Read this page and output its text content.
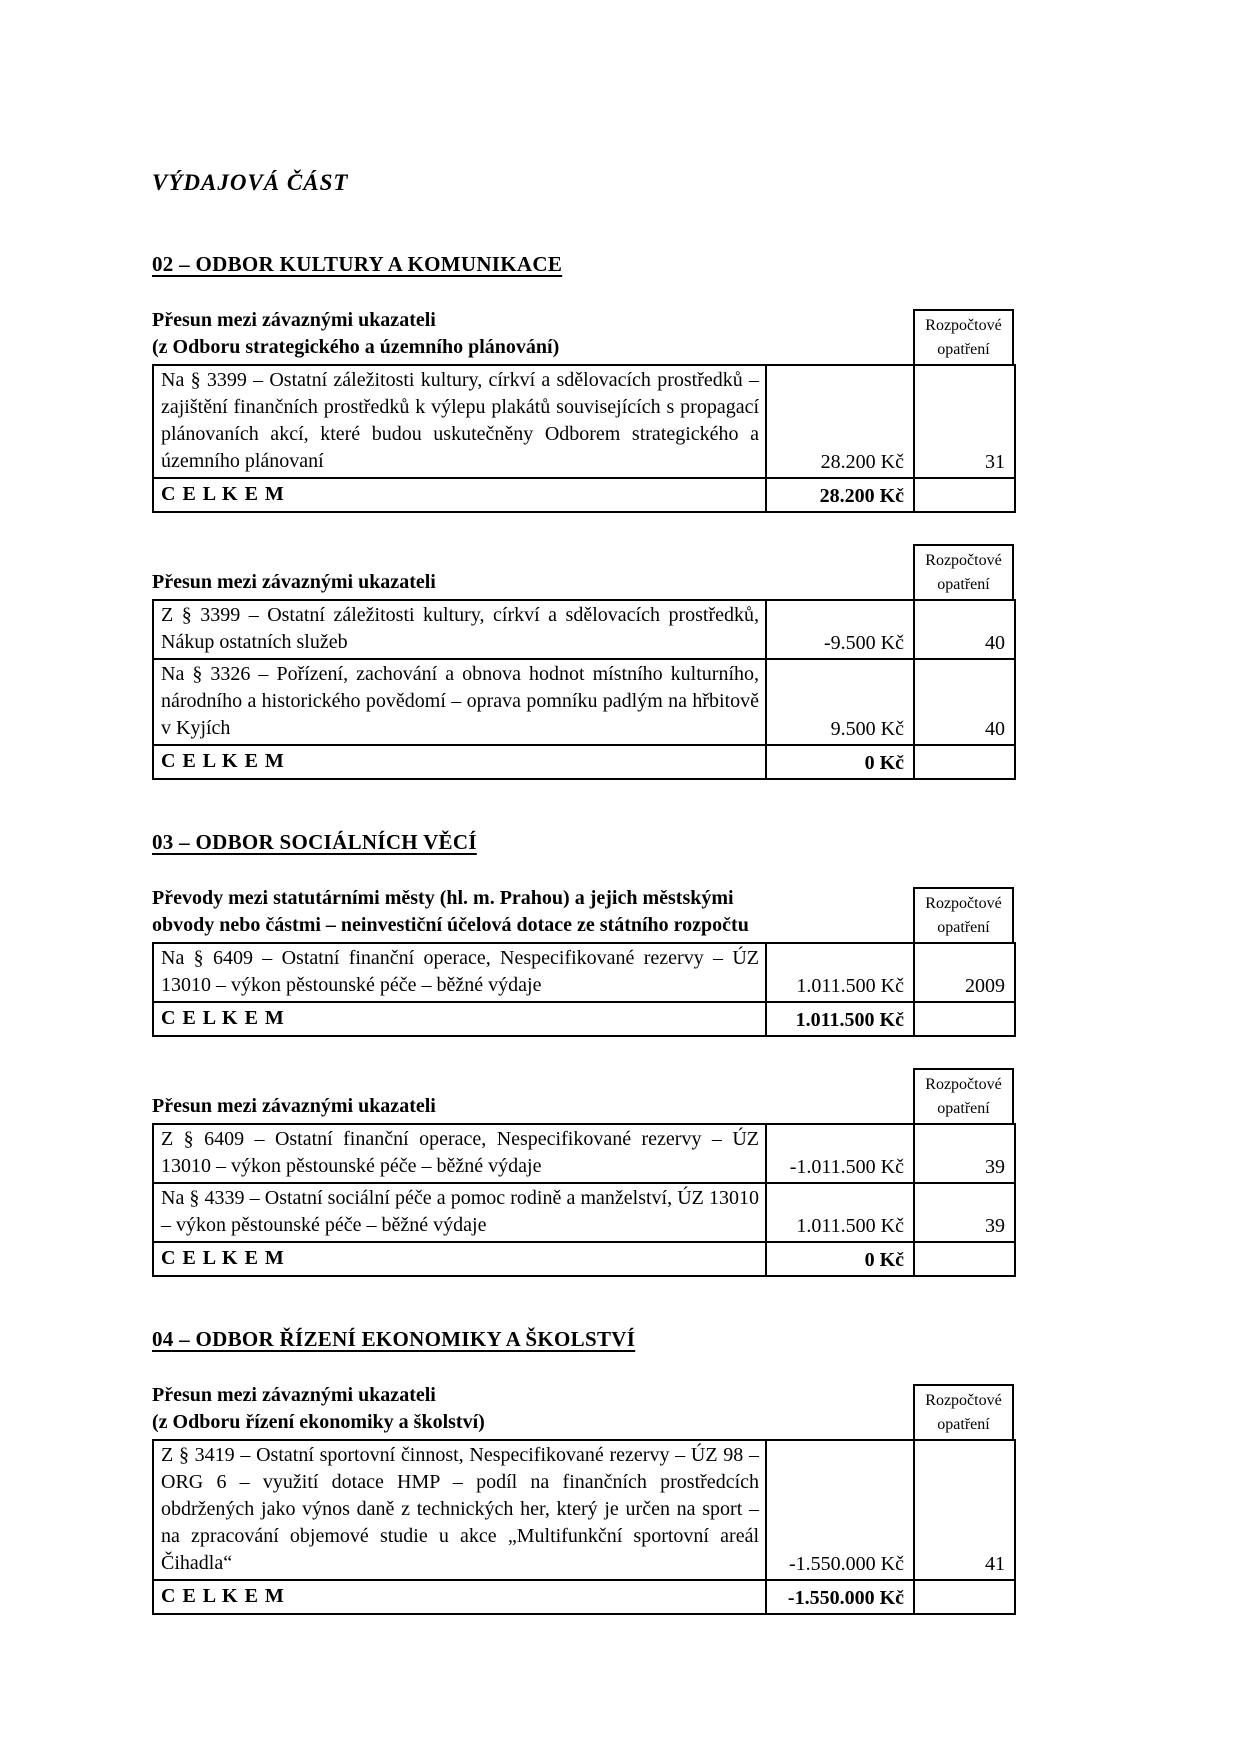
VÝDAJOVÁ ČÁST
02 – ODBOR KULTURY A KOMUNIKACE
Přesun mezi závaznými ukazateli
(z Odboru strategického a územního plánování)
Rozpočtové opatření
Na § 3399 – Ostatní záležitosti kultury, církví a sdělovacích prostředků – zajištění finančních prostředků k výlepu plakátů souvisejících s propagací plánovaních akcí, které budou uskutečněny Odborem strategického a územního plánovaní	28.200 Kč	31
C E L K E M	28.200 Kč	
Přesun mezi závaznými ukazateli
Rozpočtové opatření
Z § 3399 – Ostatní záležitosti kultury, církví a sdělovacích prostředků, Nákup ostatních služeb	-9.500 Kč	40
Na § 3326 – Pořízení, zachování a obnova hodnot místního kulturního, národního a historického povědomí – oprava pomníku padlým na hřbitově v Kyjích	9.500 Kč	40
C E L K E M	0 Kč	
03 – ODBOR SOCIÁLNÍCH VĚCÍ
Převody mezi statutárními městy (hl. m. Prahou) a jejich městskými
obvody nebo částmi – neinvestiční účelová dotace ze státního rozpočtu
Rozpočtové opatření
Na § 6409 – Ostatní finanční operace, Nespecifikované rezervy – ÚZ 13010 – výkon pěstounské péče – běžné výdaje	1.011.500 Kč	2009
C E L K E M	1.011.500 Kč	
Přesun mezi závaznými ukazateli
Rozpočtové opatření
Z § 6409 – Ostatní finanční operace, Nespecifikované rezervy – ÚZ 13010 – výkon pěstounské péče – běžné výdaje	-1.011.500 Kč	39
Na § 4339 – Ostatní sociální péče a pomoc rodině a manželství, ÚZ 13010 – výkon pěstounské péče – běžné výdaje	1.011.500 Kč	39
C E L K E M	0 Kč	
04 – ODBOR ŘÍZENÍ EKONOMIKY A ŠKOLSTVÍ
Přesun mezi závaznými ukazateli
(z Odboru řízení ekonomiky a školství)
Rozpočtové opatření
Z § 3419 – Ostatní sportovní činnost, Nespecifikované rezervy – ÚZ 98 – ORG 6 – využití dotace HMP – podíl na finančních prostředcích obdržených jako výnos daně z technických her, který je určen na sport – na zpracování objemové studie u akce „Multifunkční sportovní areál Čihadla“	-1.550.000 Kč	41
C E L K E M	-1.550.000 Kč	
